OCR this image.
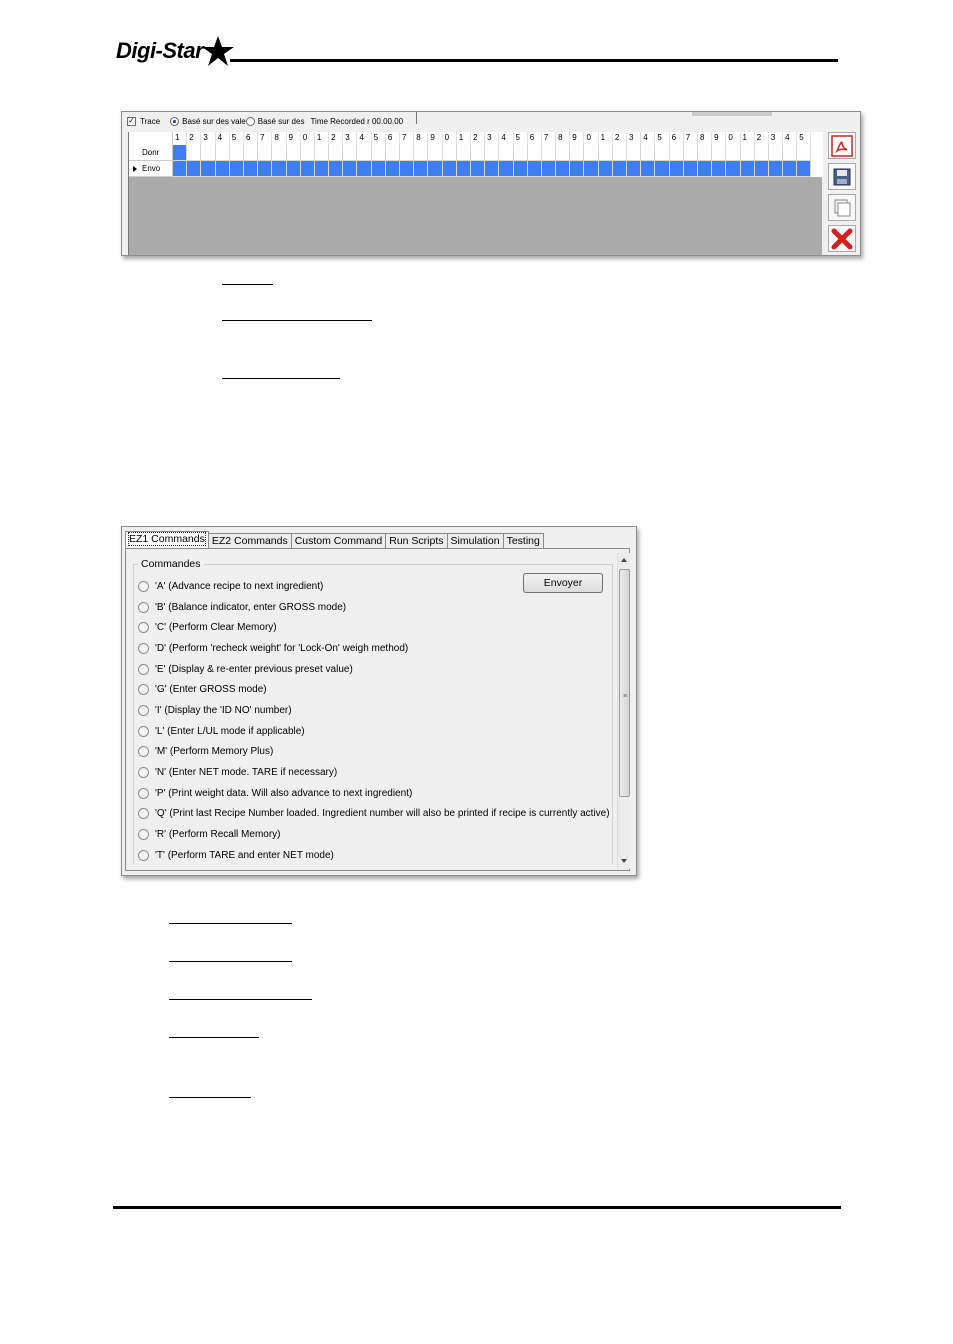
Digi-Star
✓ Trace	Basé sur des vale Basé sur des Time Recorded r 00.00.00
1	2	3	4	5	6	7	8	9	0	1	2	3	4	5	6	7	8	9	0	1	2	3	4	5	6	7	8	9	0	1	2	3	4	5	6	7	8	9	0	1	2	3	4	5
Donr
Envo
EZ1 Commands EZ2 Commands Custom Command Run Scripts Simulation Testing
Commandes
Envoyer
'A' (Advance recipe to next ingredient)
'B' (Balance indicator, enter GROSS mode)
'C' (Perform Clear Memory)
'D' (Perform 'recheck weight' for 'Lock-On' weigh method)
'E' (Display & re-enter previous preset value)
'G' (Enter GROSS mode)
'I' (Display the 'ID NO' number)
'L' (Enter L/UL mode if applicable)
'M' (Perform Memory Plus)
'N' (Enter NET mode. TARE if necessary)
'P' (Print weight data. Will also advance to next ingredient)
'Q' (Print last Recipe Number loaded. Ingredient number will also be printed if recipe is currently active)
'R' (Perform Recall Memory)
'T' (Perform TARE and enter NET mode)
≡
